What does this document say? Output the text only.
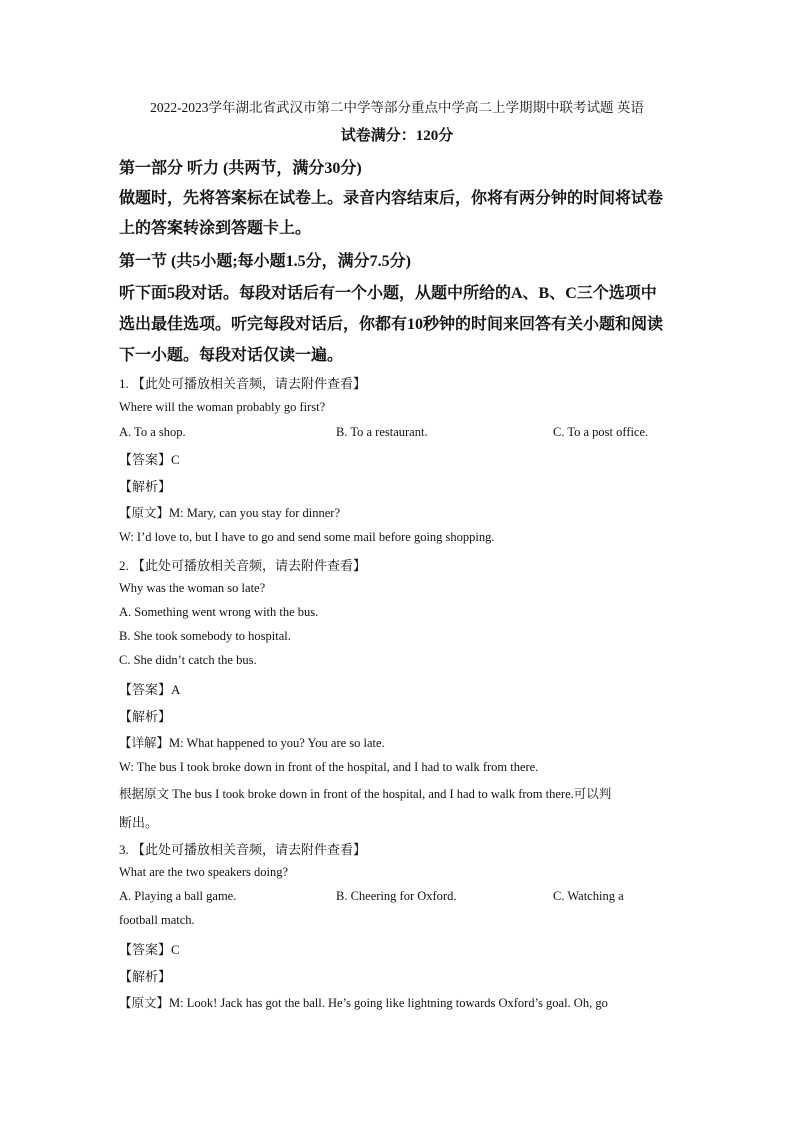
2022-2023学年湖北省武汉市第二中学等部分重点中学高二上学期期中联考试题 英语
试卷满分：120分
第一部分 听力 (共两节，满分30分)
做题时，先将答案标在试卷上。录音内容结束后，你将有两分钟的时间将试卷
上的答案转涂到答题卡上。
第一节 (共5小题;每小题1.5分，满分7.5分)
听下面5段对话。每段对话后有一个小题，从题中所给的A、B、C三个选项中
选出最佳选项。听完每段对话后，你都有10秒钟的时间来回答有关小题和阅读
下一小题。每段对话仅读一遍。
1. 【此处可播放相关音频，请去附件查看】
Where will the woman probably go first?
A. To a shop.	B. To a restaurant.	C. To a post office.
【答案】C
【解析】
【原文】M: Mary, can you stay for dinner?
W: I’d love to, but I have to go and send some mail before going shopping.
2. 【此处可播放相关音频，请去附件查看】
Why was the woman so late?
A. Something went wrong with the bus.
B. She took somebody to hospital.
C. She didn’t catch the bus.
【答案】A
【解析】
【详解】M: What happened to you? You are so late.
W: The bus I took broke down in front of the hospital, and I had to walk from there.
根据原文 The bus I took broke down in front of the hospital, and I had to walk from there.可以判
断出。
3. 【此处可播放相关音频，请去附件查看】
What are the two speakers doing?
A. Playing a ball game.	B. Cheering for Oxford.	C. Watching a
football match.
【答案】C
【解析】
【原文】M: Look! Jack has got the ball. He’s going like lightning towards Oxford’s goal. Oh, go
